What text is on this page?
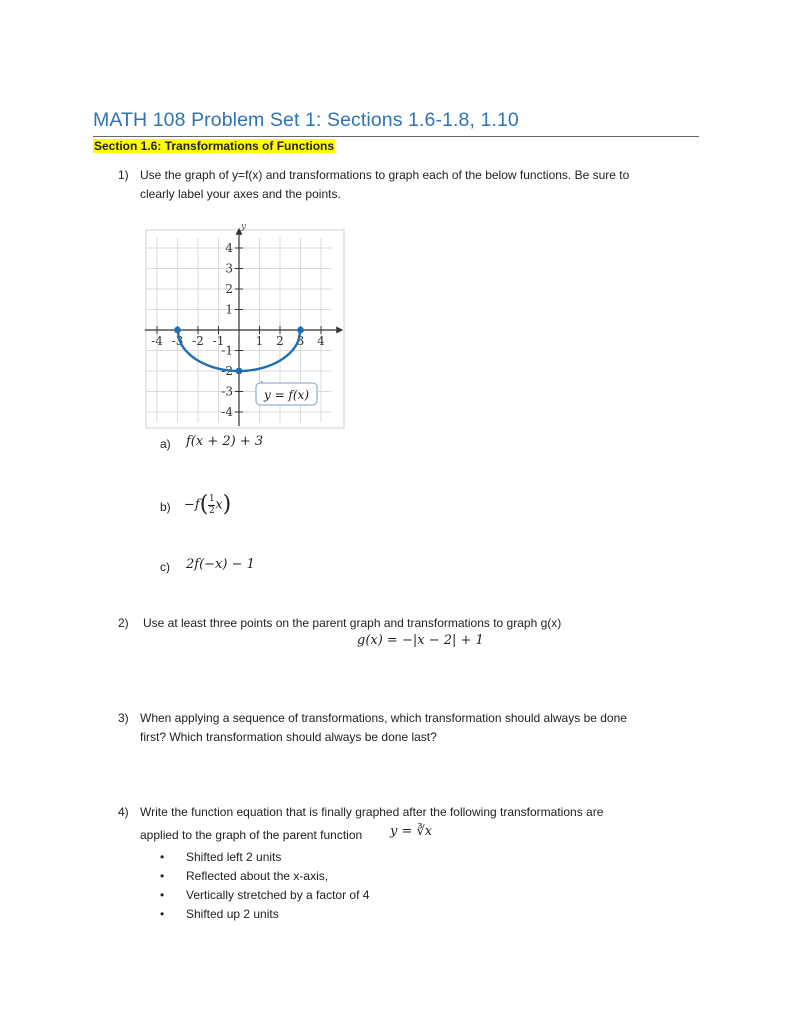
MATH 108 Problem Set 1: Sections 1.6-1.8, 1.10
Section 1.6: Transformations of Functions
1) Use the graph of y=f(x) and transformations to graph each of the below functions. Be sure to
clearly label your axes and the points.
-4 -3 -2 -1	1 2 3 4
4
3
2
1
-1
-2
-3
-4
y
y = f(x)
a) f(x + 2) + 3
$b) -f( \frac{1}{2} x)$
c) 2f(−x) − 1
2) Use at least three points on the parent graph and transformations to graph g(x)
g(x) = −|x − 2| + 1
3) When applying a sequence of transformations, which transformation should always be done
first? Which transformation should always be done last?
4) Write the function equation that is finally graphed after the following transformations are
applied to the graph of the parent function y = ∛x
• Shifted left 2 units
• Reflected about the x-axis,
• Vertically stretched by a factor of 4
• Shifted up 2 units
